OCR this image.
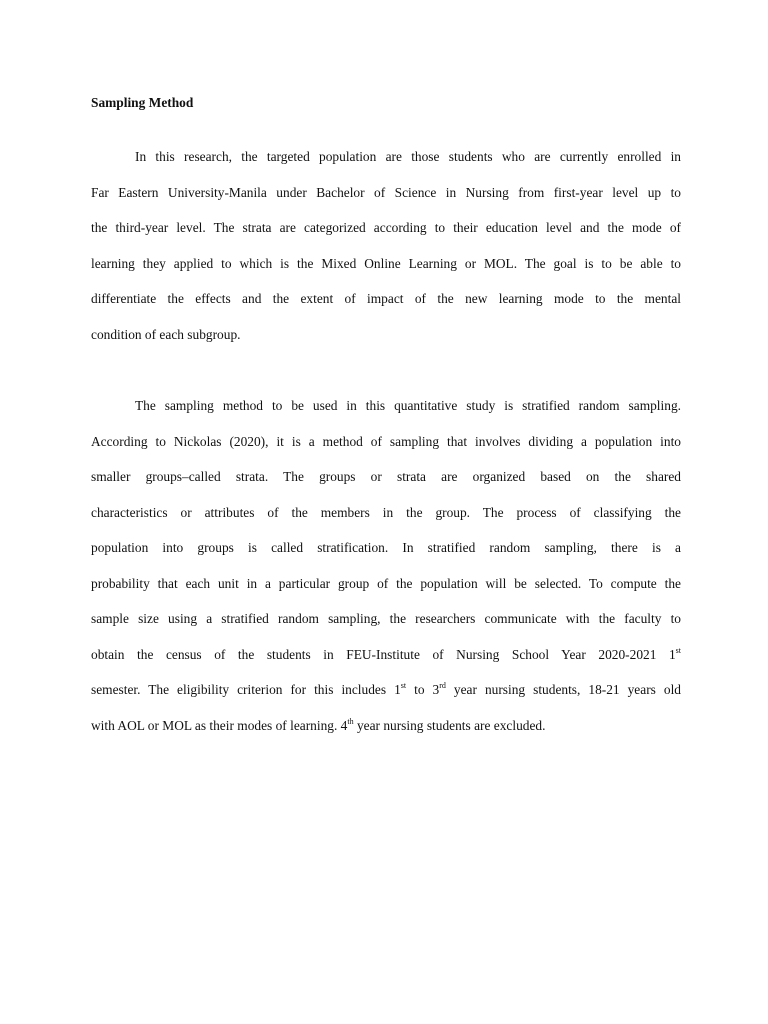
Sampling Method
In this research, the targeted population are those students who are currently enrolled in
Far Eastern University-Manila under Bachelor of Science in Nursing from first-year level up to
the third-year level. The strata are categorized according to their education level and the mode of
learning they applied to which is the Mixed Online Learning or MOL. The goal is to be able to
differentiate the effects and the extent of impact of the new learning mode to the mental
condition of each subgroup.
The sampling method to be used in this quantitative study is stratified random sampling.
According to Nickolas (2020), it is a method of sampling that involves dividing a population into
smaller groups–called strata. The groups or strata are organized based on the shared
characteristics or attributes of the members in the group. The process of classifying the
population into groups is called stratification. In stratified random sampling, there is a
probability that each unit in a particular group of the population will be selected. To compute the
sample size using a stratified random sampling, the researchers communicate with the faculty to
obtain the census of the students in FEU-Institute of Nursing School Year 2020-2021 1st
semester. The eligibility criterion for this includes 1st to 3rd year nursing students, 18-21 years old
with AOL or MOL as their modes of learning. 4th year nursing students are excluded.
